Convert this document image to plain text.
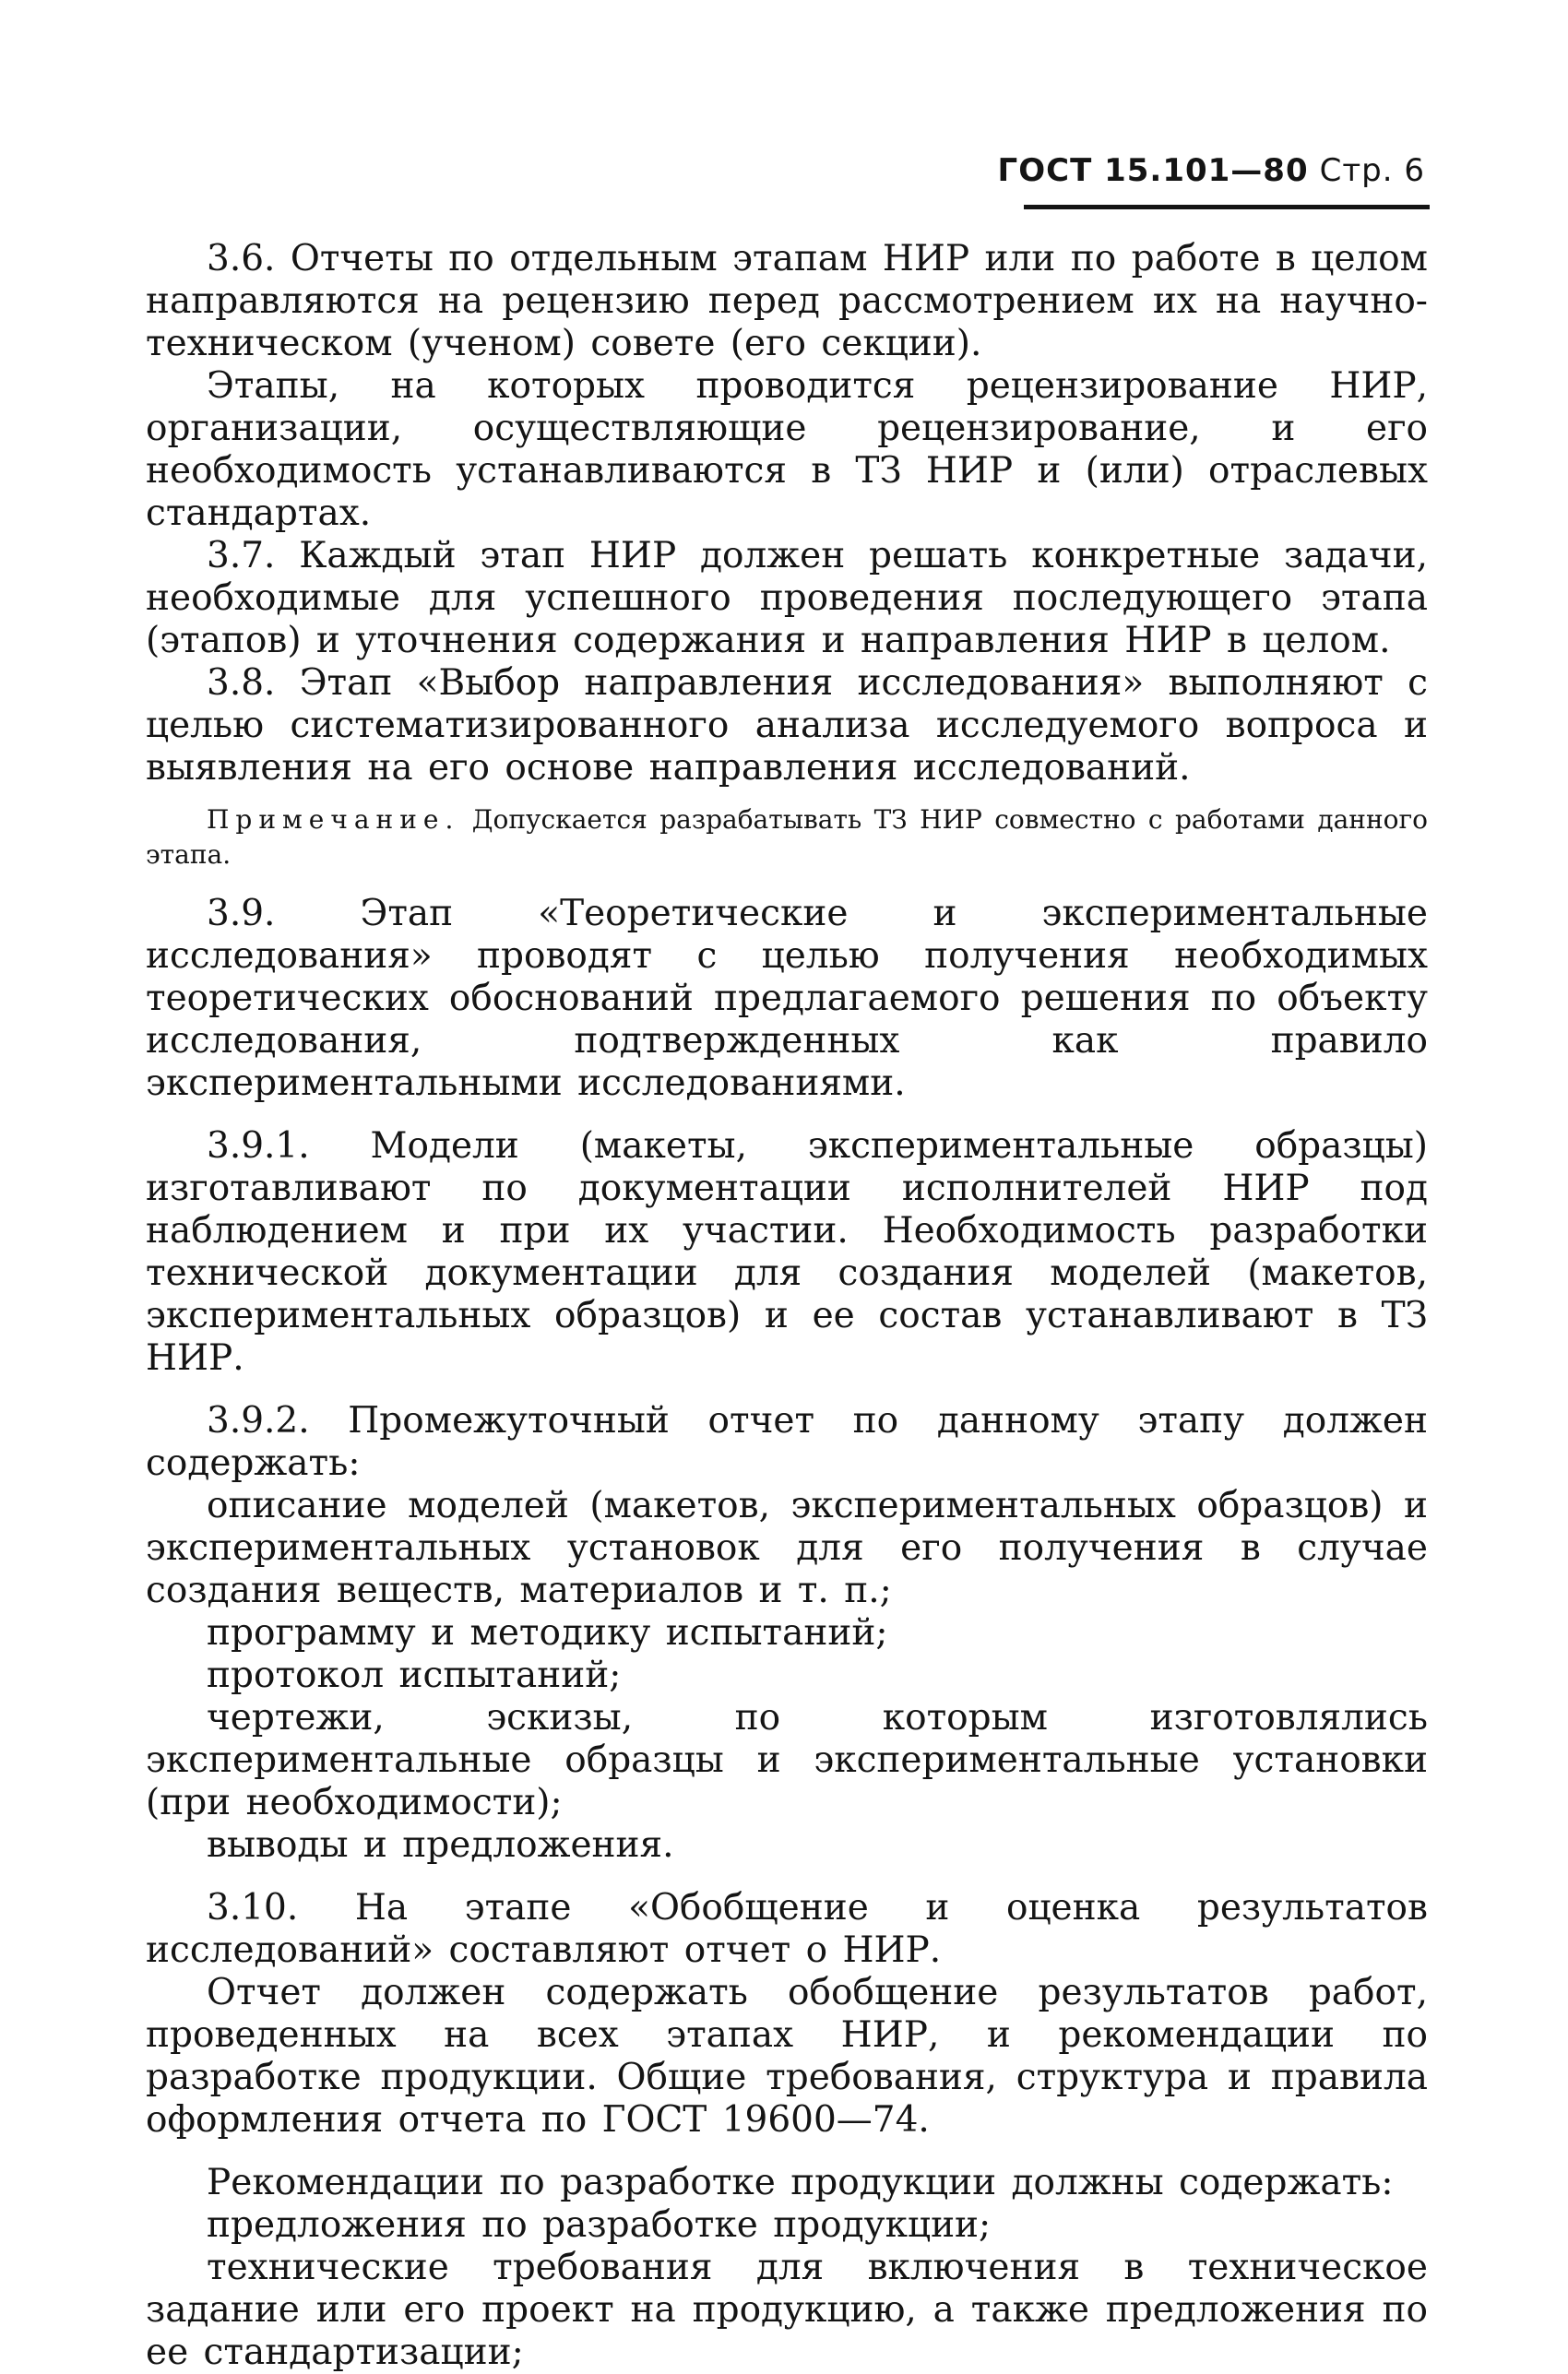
ГОСТ 15.101—80 Стр. 6

3.6. Отчеты по отдельным этапам НИР или по работе в целом направляются на рецензию перед рассмотрением их на научно-техническом (ученом) совете (его секции).

Этапы, на которых проводится рецензирование НИР, организации, осуществляющие рецензирование, и его необходимость устанавливаются в ТЗ НИР и (или) отраслевых стандартах.

3.7. Каждый этап НИР должен решать конкретные задачи, необходимые для успешного проведения последующего этапа (этапов) и уточнения содержания и направления НИР в целом.

3.8. Этап «Выбор направления исследования» выполняют с целью систематизированного анализа исследуемого вопроса и выявления на его основе направления исследований.

Примечание. Допускается разрабатывать ТЗ НИР совместно с работами данного этапа.

3.9. Этап «Теоретические и экспериментальные исследования» проводят с целью получения необходимых теоретических обоснований предлагаемого решения по объекту исследования, подтвержденных как правило экспериментальными исследованиями.

3.9.1. Модели (макеты, экспериментальные образцы) изготавливают по документации исполнителей НИР под наблюдением и при их участии. Необходимость разработки технической документации для создания моделей (макетов, экспериментальных образцов) и ее состав устанавливают в ТЗ НИР.

3.9.2. Промежуточный отчет по данному этапу должен содержать:

описание моделей (макетов, экспериментальных образцов) и экспериментальных установок для его получения в случае создания веществ, материалов и т. п.;

программу и методику испытаний;

протокол испытаний;

чертежи, эскизы, по которым изготовлялись экспериментальные образцы и экспериментальные установки (при необходимости);

выводы и предложения.

3.10. На этапе «Обобщение и оценка результатов исследований» составляют отчет о НИР.

Отчет должен содержать обобщение результатов работ, проведенных на всех этапах НИР, и рекомендации по разработке продукции. Общие требования, структура и правила оформления отчета по ГОСТ 19600—74.

Рекомендации по разработке продукции должны содержать:

предложения по разработке продукции;

технические требования для включения в техническое задание или его проект на продукцию, а также предложения по ее стандартизации;
